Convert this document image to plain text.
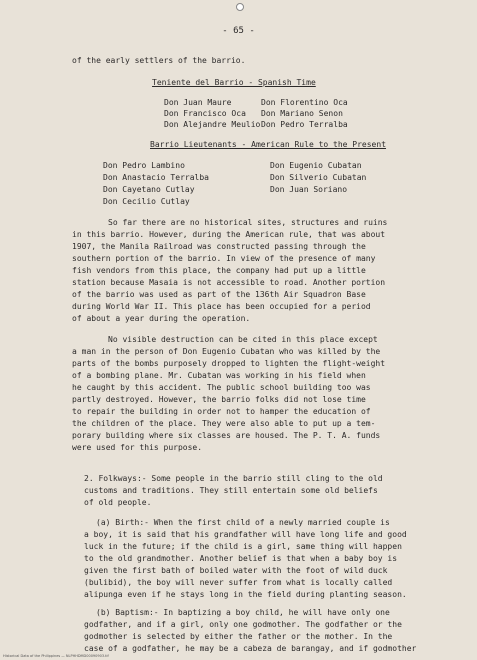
- 65 -

of the early settlers of the barrio.

Teniente del Barrio - Spanish Time

Don Juan Maure

Don Francisco Oca

Don Alejandre Meulio

Don Florentino Oca

Don Mariano Senon

Don Pedro Terralba

Barrio Lieutenants - American Rule to the Present

Don Pedro Lambino

Don Anastacio Terralba

Don Cayetano Cutlay

Don Cecilio Cutlay

Don Eugenio Cubatan

Don Silverio Cubatan

Don Juan Soriano

So far there are no historical sites, structures and ruins

in this barrio. However, during the American rule, that was about

1907, the Manila Railroad was constructed passing through the

southern portion of the barrio. In view of the presence of many

fish vendors from this place, the company had put up a little

station because Masaia is not accessible to road. Another portion

of the barrio was used as part of the 136th Air Squadron Base

during World War II. This place has been occupied for a period

of about a year during the operation.

No visible destruction can be cited in this place except

a man in the person of Don Eugenio Cubatan who was killed by the

parts of the bombs purposely dropped to lighten the flight-weight

of a bombing plane. Mr. Cubatan was working in his field when

he caught by this accident. The public school building too was

partly destroyed. However, the barrio folks did not lose time

to repair the building in order not to hamper the education of

the children of the place. They were also able to put up a tem-

porary building where six classes are housed. The P. T. A. funds

were used for this purpose.

2. Folkways:- Some people in the barrio still cling to the old

customs and traditions. They still entertain some old beliefs

of old people.

(a) Birth:- When the first child of a newly married couple is

a boy, it is said that his grandfather will have long life and good

luck in the future; if the child is a girl, same thing will happen

to the old grandmother. Another belief is that when a baby boy is

given the first bath of boiled water with the foot of wild duck

(bulibid), the boy will never suffer from what is locally called

alipunga even if he stays long in the field during planting season.

(b) Baptism:- In baptizing a boy child, he will have only one

godfather, and if a girl, only one godmother. The godfather or the

godmother is selected by either the father or the mother. In the

case of a godfather, he may be a cabeza de barangay, and if godmother

Historical Data of the Philippines — NLPHHDMD00090903.tif
